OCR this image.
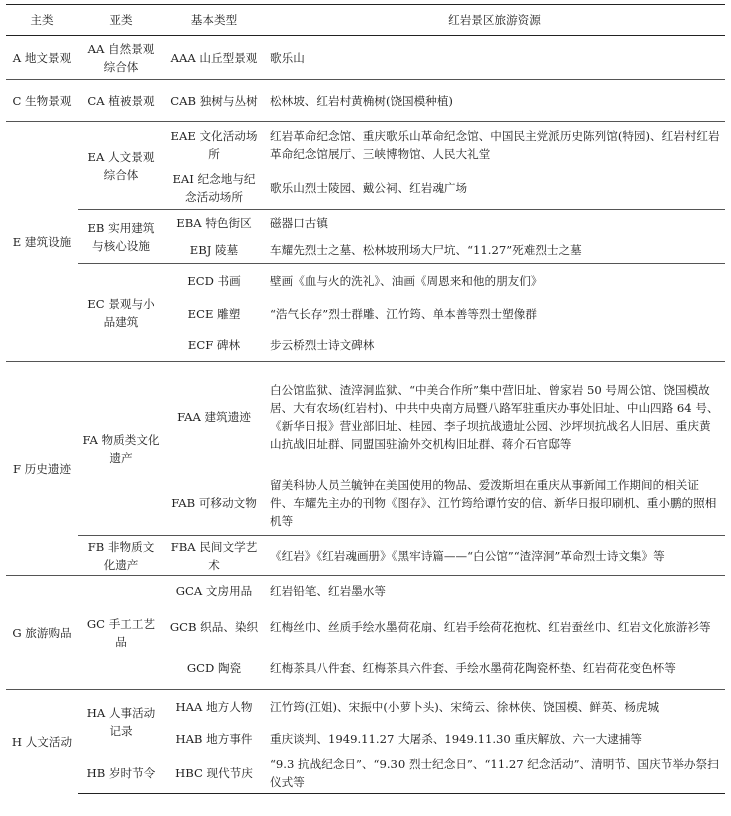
主类	亚类	基本类型	红岩景区旅游资源
A 地文景观	AA 自然景观综合体	AAA 山丘型景观	歌乐山
C 生物景观	CA 植被景观	CAB 独树与丛树	松林坡、红岩村黄桷树(饶国模种植)
E 建筑设施	EA 人文景观综合体	EAE 文化活动场所	红岩革命纪念馆、重庆歌乐山革命纪念馆、中国民主党派历史陈列馆(特园)、红岩村红岩革命纪念馆展厅、三峡博物馆、人民大礼堂
		EAI 纪念地与纪念活动场所	歌乐山烈士陵园、戴公祠、红岩魂广场
	EB 实用建筑与核心设施	EBA 特色街区	磁器口古镇
		EBJ 陵墓	车耀先烈士之墓、松林坡刑场大尸坑、“11.27”死难烈士之墓
	EC 景观与小品建筑	ECD 书画	壁画《血与火的洗礼》、油画《周恩来和他的朋友们》
		ECE 雕塑	“浩气长存”烈士群雕、江竹筠、单本善等烈士塑像群
		ECF 碑林	步云桥烈士诗文碑林
F 历史遗迹	FA 物质类文化遗产	FAA 建筑遗迹	白公馆监狱、渣滓洞监狱、“中美合作所”集中营旧址、曾家岩 50 号周公馆、饶国模故居、大有农场(红岩村)、中共中央南方局暨八路军驻重庆办事处旧址、中山四路 64 号、《新华日报》营业部旧址、桂园、李子坝抗战遗址公园、沙坪坝抗战名人旧居、重庆黄山抗战旧址群、同盟国驻渝外交机构旧址群、蒋介石官邸等
		FAB 可移动文物	留美科协人员兰毓钟在美国使用的物品、爱泼斯坦在重庆从事新闻工作期间的相关证件、车耀先主办的刊物《图存》、江竹筠给谭竹安的信、新华日报印刷机、重小鹏的照相机等
	FB 非物质文化遗产	FBA 民间文学艺术	《红岩》《红岩魂画册》《黑牢诗篇——“白公馆”“渣滓洞”革命烈士诗文集》等
G 旅游购品	GC 手工工艺品	GCA 文房用品	红岩铅笔、红岩墨水等
		GCB 织品、染织	红梅丝巾、丝质手绘水墨荷花扇、红岩手绘荷花抱枕、红岩蚕丝巾、红岩文化旅游衫等
		GCD 陶瓷	红梅茶具八件套、红梅茶具六件套、手绘水墨荷花陶瓷杯垫、红岩荷花变色杯等
H 人文活动	HA 人事活动记录	HAA 地方人物	江竹筠(江姐)、宋振中(小萝卜头)、宋绮云、徐林侠、饶国模、鲜英、杨虎城
		HAB 地方事件	重庆谈判、1949.11.27 大屠杀、1949.11.30 重庆解放、六一大逮捕等
	HB 岁时节令	HBC 现代节庆	“9.3 抗战纪念日”、“9.30 烈士纪念日”、“11.27 纪念活动”、清明节、国庆节举办祭扫仪式等
